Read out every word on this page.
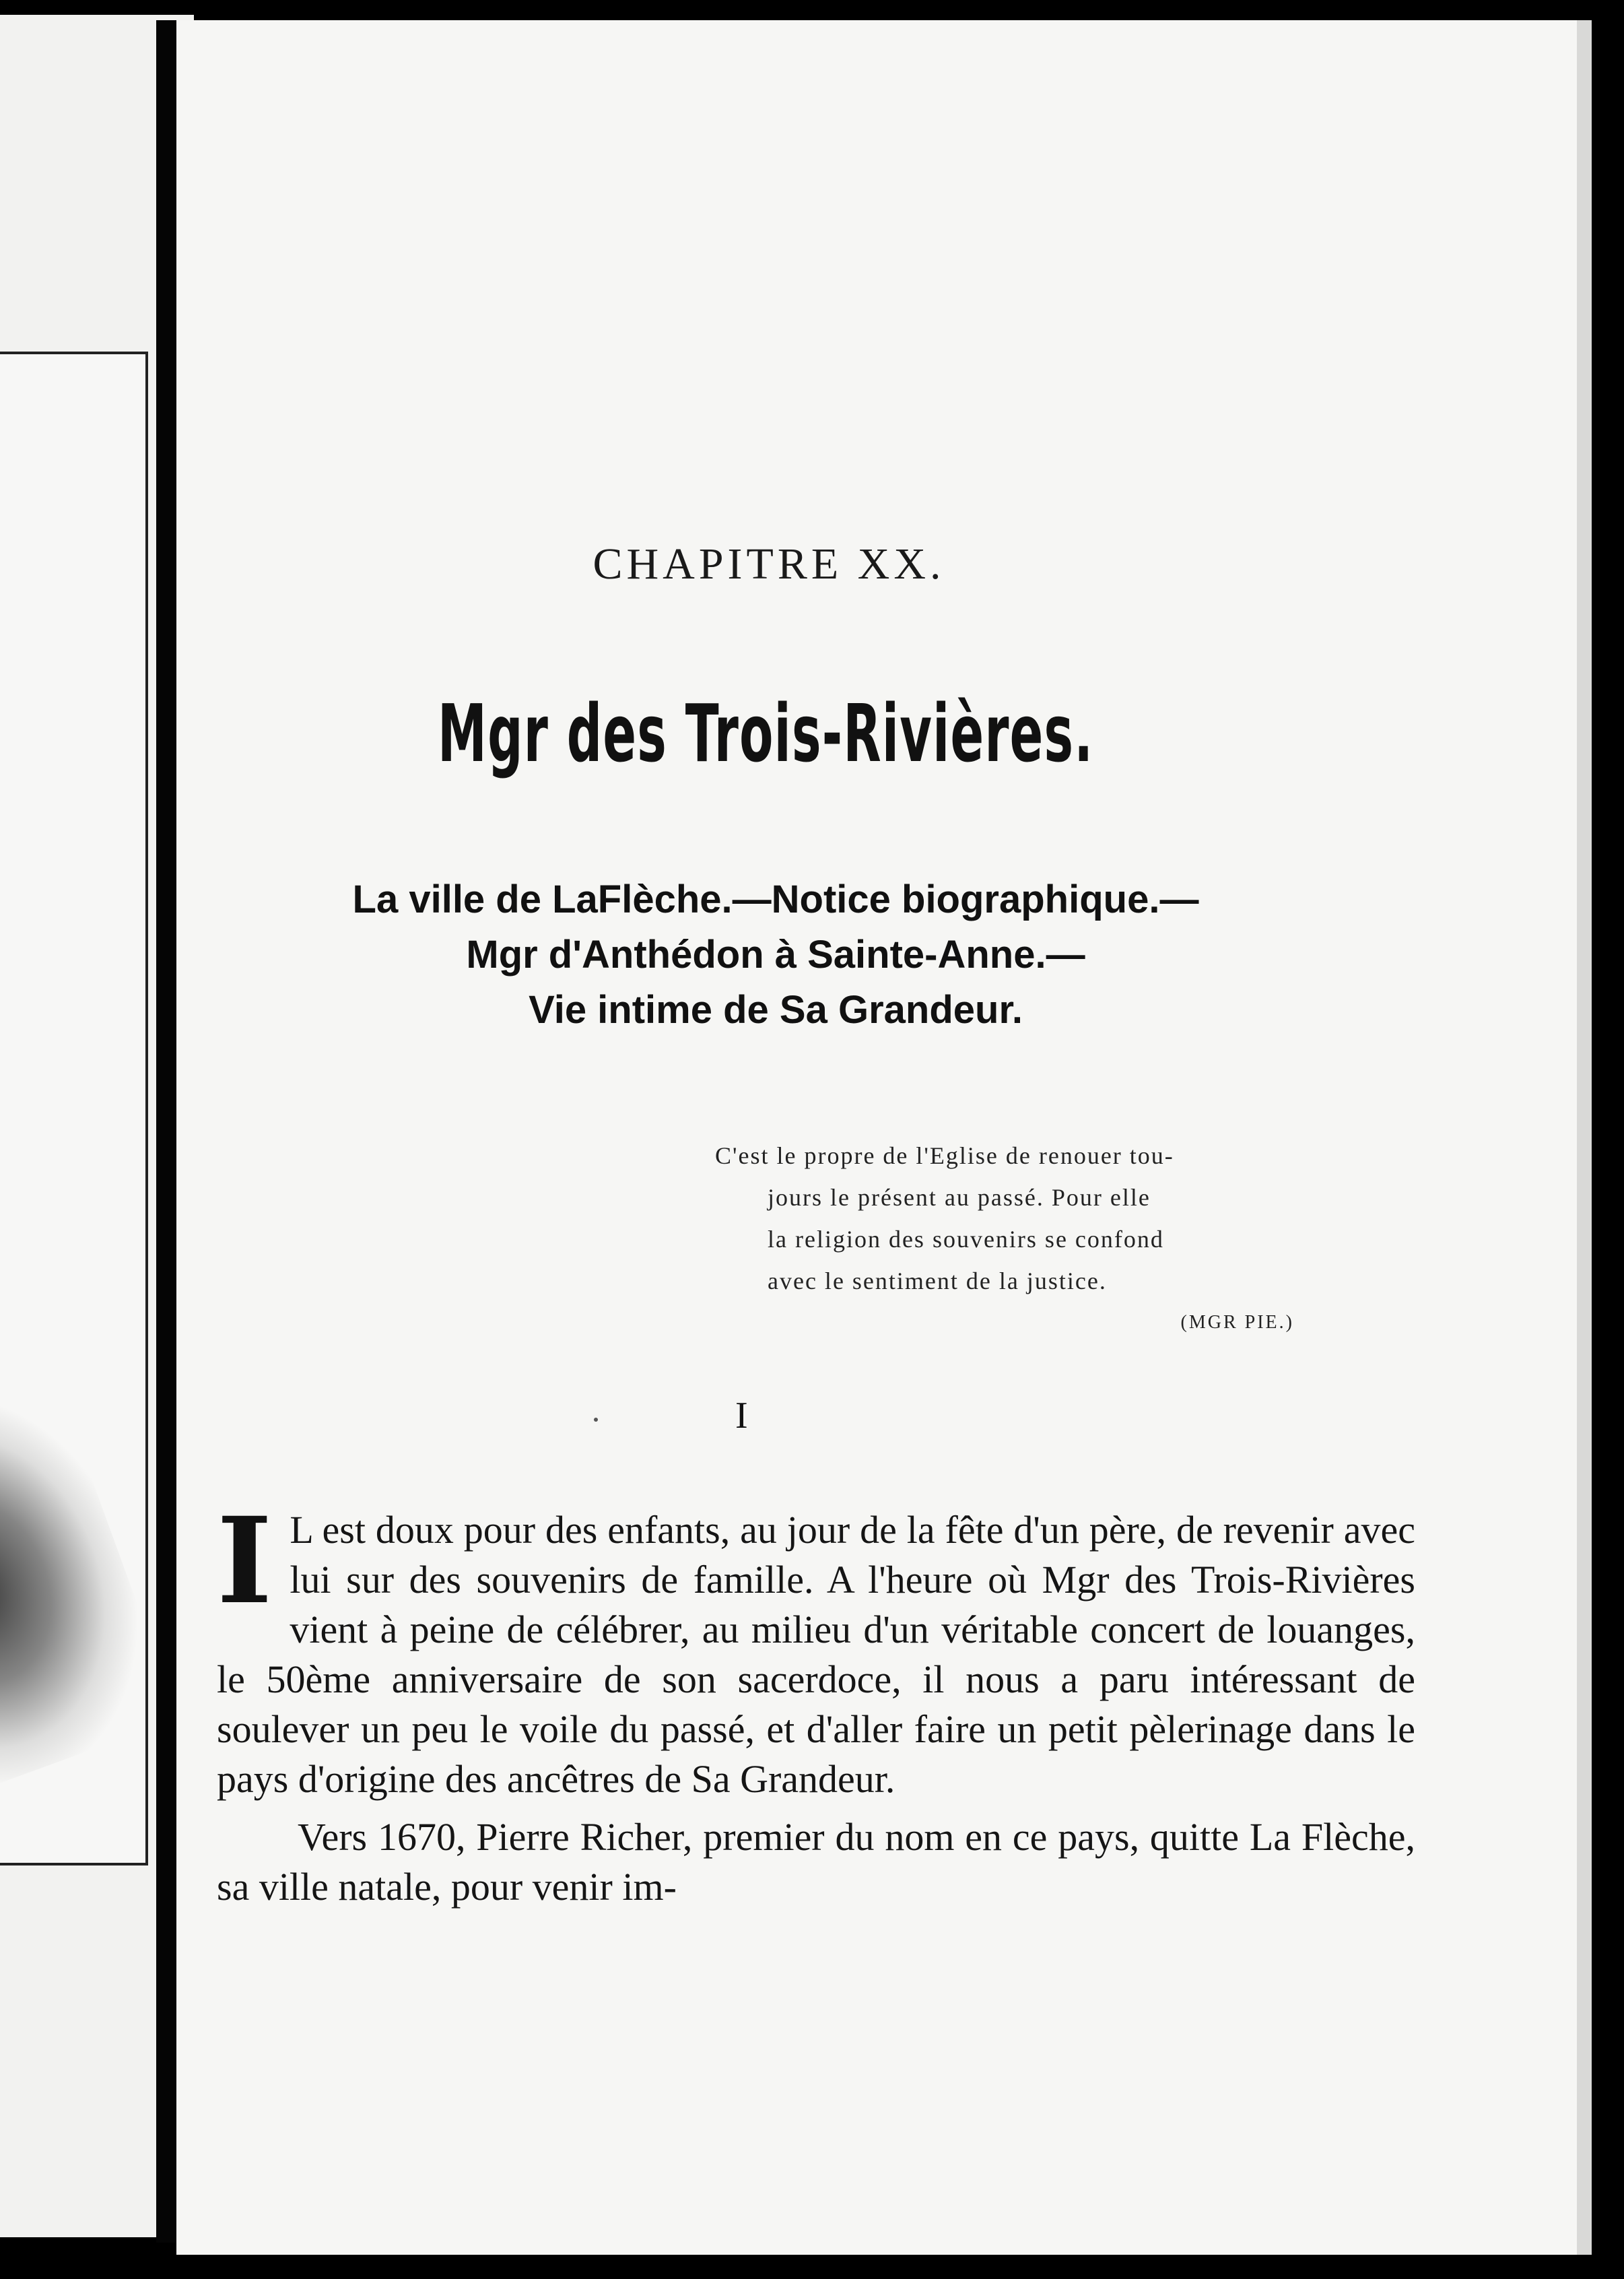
CHAPITRE XX.
Mgr des Trois-Rivières.
La ville de LaFlèche.—Notice biographique.—
Mgr d'Anthédon à Sainte-Anne.—
Vie intime de Sa Grandeur.
C'est le propre de l'Eglise de renouer tou-
jours le présent au passé. Pour elle
la religion des souvenirs se confond
avec le sentiment de la justice.
(MGR PIE.)
I
I L est doux pour des enfants, au jour de la fête d'un père, de revenir avec lui sur des souvenirs de famille. A l'heure où Mgr des Trois-Rivières vient à peine de célébrer, au milieu d'un véritable concert de louanges, le 50ème anniversaire de son sacerdoce, il nous a paru intéressant de soulever un peu le voile du passé, et d'aller faire un petit pèlerinage dans le pays d'origine des ancêtres de Sa Grandeur.

Vers 1670, Pierre Richer, premier du nom en ce pays, quitte La Flèche, sa ville natale, pour venir im-
